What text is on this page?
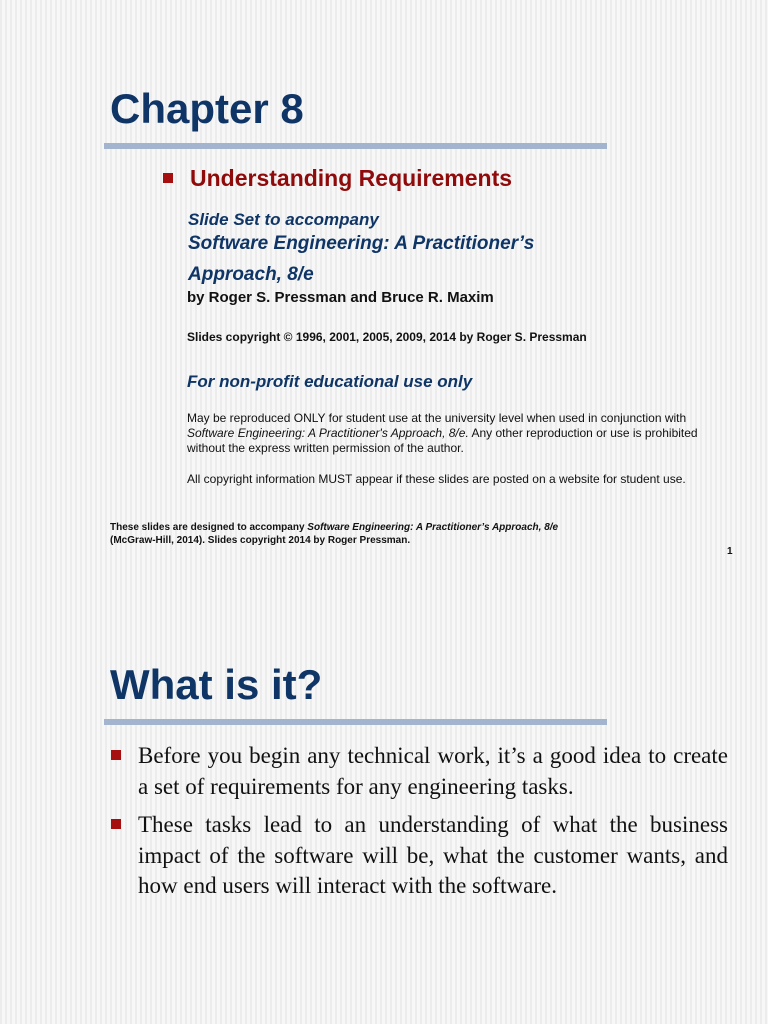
Chapter 8
Understanding Requirements
Slide Set to accompany
Software Engineering: A Practitioner’s
Approach, 8/e
by Roger S. Pressman and Bruce R. Maxim
Slides copyright © 1996, 2001, 2005, 2009, 2014 by Roger S. Pressman
For non-profit educational use only
May be reproduced ONLY for student use at the university level when used in conjunction with Software Engineering: A Practitioner's Approach, 8/e. Any other reproduction or use is prohibited without the express written permission of the author.
All copyright information MUST appear if these slides are posted on a website for student use.
These slides are designed to accompany Software Engineering: A Practitioner’s Approach, 8/e (McGraw-Hill, 2014). Slides copyright 2014 by Roger Pressman.
1
What is it?

Before you begin any technical work, it’s a good idea to create a set of requirements for any engineering tasks.

These tasks lead to an understanding of what the business impact of the software will be, what the customer wants, and how end users will interact with the software.
